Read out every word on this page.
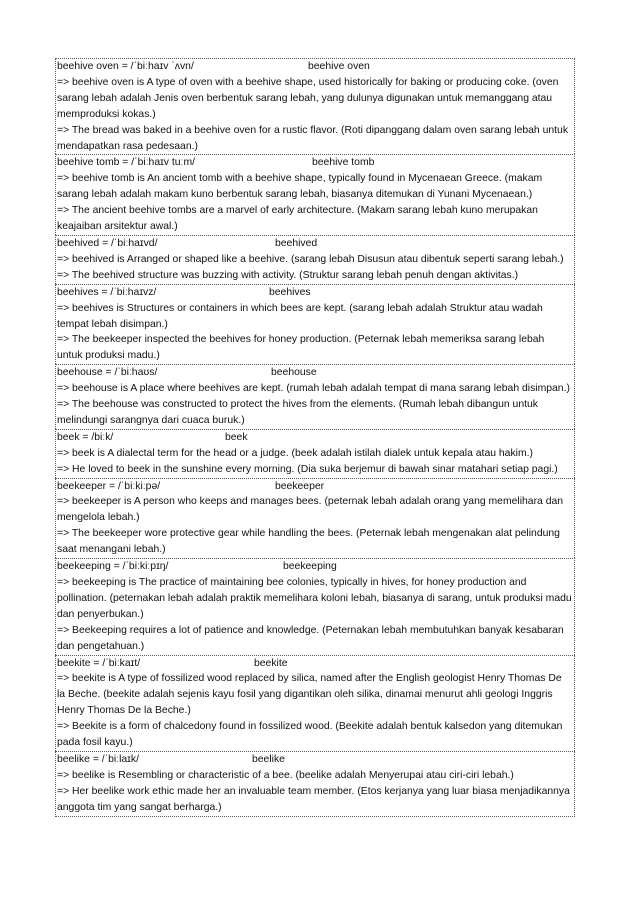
beehive oven = /ˈbiːhaɪv ˈʌvn/	beehive oven
=> beehive oven is A type of oven with a beehive shape, used historically for baking or producing coke. (oven sarang lebah adalah Jenis oven berbentuk sarang lebah, yang dulunya digunakan untuk memanggang atau memproduksi kokas.)
=> The bread was baked in a beehive oven for a rustic flavor. (Roti dipanggang dalam oven sarang lebah untuk mendapatkan rasa pedesaan.)
beehive tomb = /ˈbiːhaɪv tuːm/	beehive tomb
=> beehive tomb is An ancient tomb with a beehive shape, typically found in Mycenaean Greece. (makam sarang lebah adalah makam kuno berbentuk sarang lebah, biasanya ditemukan di Yunani Mycenaean.)
=> The ancient beehive tombs are a marvel of early architecture. (Makam sarang lebah kuno merupakan keajaiban arsitektur awal.)
beehived = /ˈbiːhaɪvd/	beehived
=> beehived is Arranged or shaped like a beehive. (sarang lebah Disusun atau dibentuk seperti sarang lebah.)
=> The beehived structure was buzzing with activity. (Struktur sarang lebah penuh dengan aktivitas.)
beehives = /ˈbiːhaɪvz/	beehives
=> beehives is Structures or containers in which bees are kept. (sarang lebah adalah Struktur atau wadah tempat lebah disimpan.)
=> The beekeeper inspected the beehives for honey production. (Peternak lebah memeriksa sarang lebah untuk produksi madu.)
beehouse = /ˈbiːhaʊs/	beehouse
=> beehouse is A place where beehives are kept. (rumah lebah adalah tempat di mana sarang lebah disimpan.)
=> The beehouse was constructed to protect the hives from the elements. (Rumah lebah dibangun untuk melindungi sarangnya dari cuaca buruk.)
beek = /biːk/	beek
=> beek is A dialectal term for the head or a judge. (beek adalah istilah dialek untuk kepala atau hakim.)
=> He loved to beek in the sunshine every morning. (Dia suka berjemur di bawah sinar matahari setiap pagi.)
beekeeper = /ˈbiːkiːpə/	beekeeper
=> beekeeper is A person who keeps and manages bees. (peternak lebah adalah orang yang memelihara dan mengelola lebah.)
=> The beekeeper wore protective gear while handling the bees. (Peternak lebah mengenakan alat pelindung saat menangani lebah.)
beekeeping = /ˈbiːkiːpɪŋ/	beekeeping
=> beekeeping is The practice of maintaining bee colonies, typically in hives, for honey production and pollination. (peternakan lebah adalah praktik memelihara koloni lebah, biasanya di sarang, untuk produksi madu dan penyerbukan.)
=> Beekeeping requires a lot of patience and knowledge. (Peternakan lebah membutuhkan banyak kesabaran dan pengetahuan.)
beekite = /ˈbiːkaɪt/	beekite
=> beekite is A type of fossilized wood replaced by silica, named after the English geologist Henry Thomas De la Beche. (beekite adalah sejenis kayu fosil yang digantikan oleh silika, dinamai menurut ahli geologi Inggris Henry Thomas De la Beche.)
=> Beekite is a form of chalcedony found in fossilized wood. (Beekite adalah bentuk kalsedon yang ditemukan pada fosil kayu.)
beelike = /ˈbiːlaɪk/	beelike
=> beelike is Resembling or characteristic of a bee. (beelike adalah Menyerupai atau ciri-ciri lebah.)
=> Her beelike work ethic made her an invaluable team member. (Etos kerjanya yang luar biasa menjadikannya anggota tim yang sangat berharga.)
